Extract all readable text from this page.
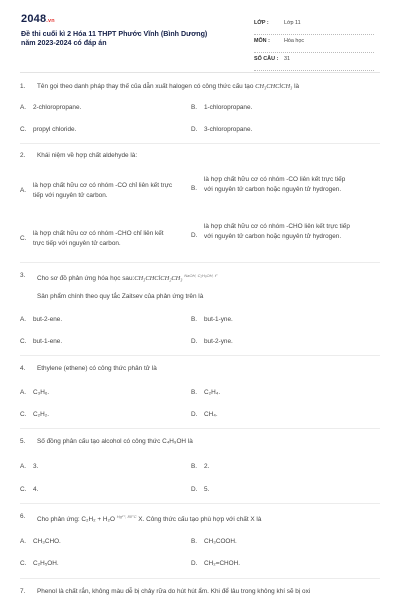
2048.vn
Đề thi cuối kì 2 Hóa 11 THPT Phước Vĩnh (Bình Dương)
năm 2023-2024 có đáp án
LỚP :	Lớp 11
MÔN :	Hóa học
SỐ CÂU : 31
1. Tên gọi theo danh pháp thay thế của dẫn xuất halogen có công thức cấu tạo CH₃CHClCH₃ là
A. 2-chloropropane.	B. 1-chloropropane.
C. propyl chloride.	D. 3-chloropropane.
2. Khái niệm về hợp chất aldehyde là:
A.
là hợp chất hữu cơ có nhóm -CO chỉ liên kết trực tiếp với nguyên tử carbon.
B.
là hợp chất hữu cơ có nhóm -CO liên kết trực tiếp với nguyên tử carbon hoặc nguyên tử hydrogen.
C.
là hợp chất hữu cơ có nhóm -CHO chỉ liên kết trực tiếp với nguyên tử carbon.
D.
là hợp chất hữu cơ có nhóm -CHO liên kết trực tiếp với nguyên tử carbon hoặc nguyên tử hydrogen.
3. Cho sơ đồ phản ứng hóa học sau:CH₃CHClCH₂CH₃ $^{NaOH, C_2H_5OH, t^\circ}$
Sản phẩm chính theo quy tắc Zaitsev của phản ứng trên là
A. but-2-ene.	B. but-1-yne.
C. but-1-ene.	D. but-2-yne.
4. Ethylene (ethene) có công thức phân tử là
A. C₃H₆.	B. C₂H₄.
C. C₂H₂.	D. CH₄.
5. Số đồng phân cấu tạo alcohol có công thức C₄H₉OH là
A. 3.	B. 2.
C. 4.	D. 5.
6. Cho phản ứng: C₂H₂ + H₂O $^{Hg^{2+}, 80^\circ C}$ X. Công thức cấu tạo phù hợp với chất X là
A. CH₃CHO.	B. CH₃COOH.
C. C₂H₅OH.	D. CH₂=CHOH.
7. Phenol là chất rắn, không màu dễ bị chảy rữa do hút hút ẩm. Khi để lâu trong không khí sẽ bị oxi
